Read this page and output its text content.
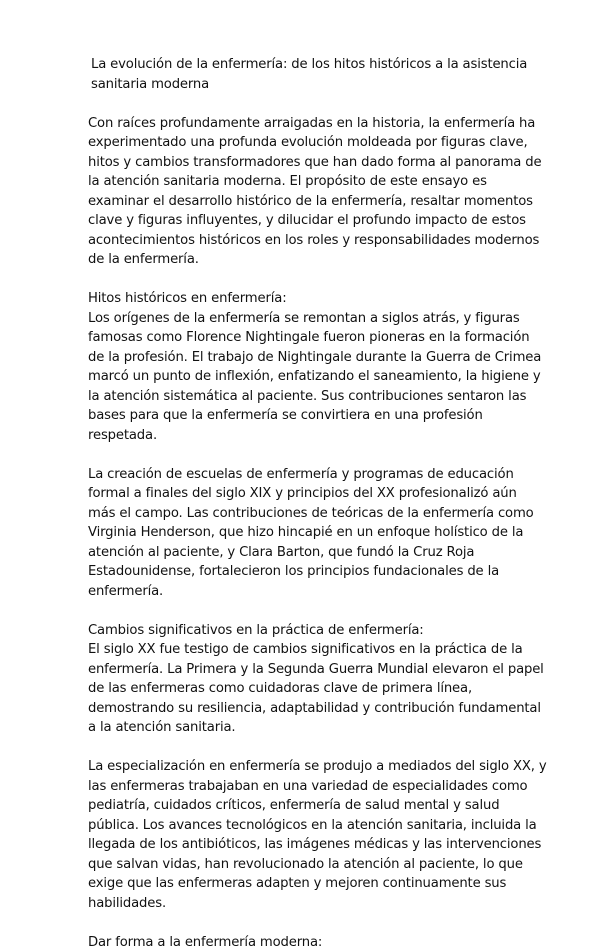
La evolución de la enfermería: de los hitos históricos a la asistencia sanitaria moderna

Con raíces profundamente arraigadas en la historia, la enfermería ha experimentado una profunda evolución moldeada por figuras clave, hitos y cambios transformadores que han dado forma al panorama de la atención sanitaria moderna. El propósito de este ensayo es examinar el desarrollo histórico de la enfermería, resaltar momentos clave y figuras influyentes, y dilucidar el profundo impacto de estos acontecimientos históricos en los roles y responsabilidades modernos de la enfermería.

Hitos históricos en enfermería:

Los orígenes de la enfermería se remontan a siglos atrás, y figuras famosas como Florence Nightingale fueron pioneras en la formación de la profesión. El trabajo de Nightingale durante la Guerra de Crimea marcó un punto de inflexión, enfatizando el saneamiento, la higiene y la atención sistemática al paciente. Sus contribuciones sentaron las bases para que la enfermería se convirtiera en una profesión respetada.

La creación de escuelas de enfermería y programas de educación formal a finales del siglo XIX y principios del XX profesionalizó aún más el campo. Las contribuciones de teóricas de la enfermería como Virginia Henderson, que hizo hincapié en un enfoque holístico de la atención al paciente, y Clara Barton, que fundó la Cruz Roja Estadounidense, fortalecieron los principios fundacionales de la enfermería.

Cambios significativos en la práctica de enfermería:

El siglo XX fue testigo de cambios significativos en la práctica de la enfermería. La Primera y la Segunda Guerra Mundial elevaron el papel de las enfermeras como cuidadoras clave de primera línea, demostrando su resiliencia, adaptabilidad y contribución fundamental a la atención sanitaria.

La especialización en enfermería se produjo a mediados del siglo XX, y las enfermeras trabajaban en una variedad de especialidades como pediatría, cuidados críticos, enfermería de salud mental y salud pública. Los avances tecnológicos en la atención sanitaria, incluida la llegada de los antibióticos, las imágenes médicas y las intervenciones que salvan vidas, han revolucionado la atención al paciente, lo que exige que las enfermeras adapten y mejoren continuamente sus habilidades.

Dar forma a la enfermería moderna:
